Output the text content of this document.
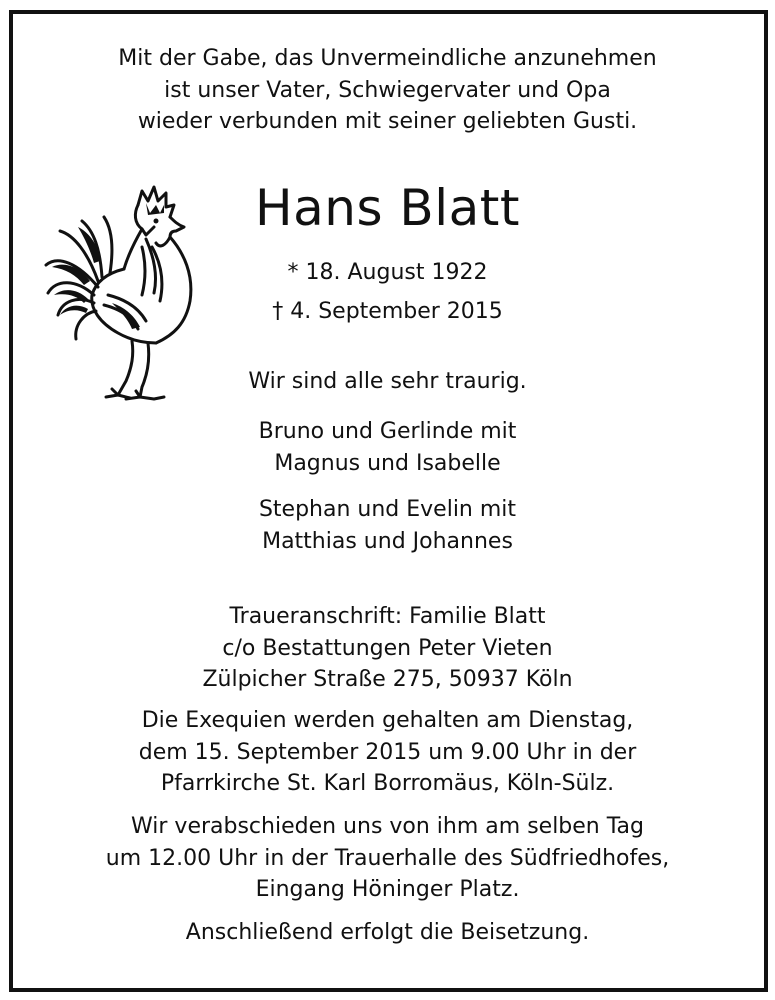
Mit der Gabe, das Unvermeindliche anzunehmen
ist unser Vater, Schwiegervater und Opa
wieder verbunden mit seiner geliebten Gusti.
Hans Blatt
* 18. August 1922
† 4. September 2015
Wir sind alle sehr traurig.
Bruno und Gerlinde mit
Magnus und Isabelle
Stephan und Evelin mit
Matthias und Johannes
Traueranschrift: Familie Blatt
c/o Bestattungen Peter Vieten
Zülpicher Straße 275, 50937 Köln
Die Exequien werden gehalten am Dienstag,
dem 15. September 2015 um 9.00 Uhr in der
Pfarrkirche St. Karl Borromäus, Köln-Sülz.
Wir verabschieden uns von ihm am selben Tag
um 12.00 Uhr in der Trauerhalle des Südfriedhofes,
Eingang Höninger Platz.
Anschließend erfolgt die Beisetzung.
